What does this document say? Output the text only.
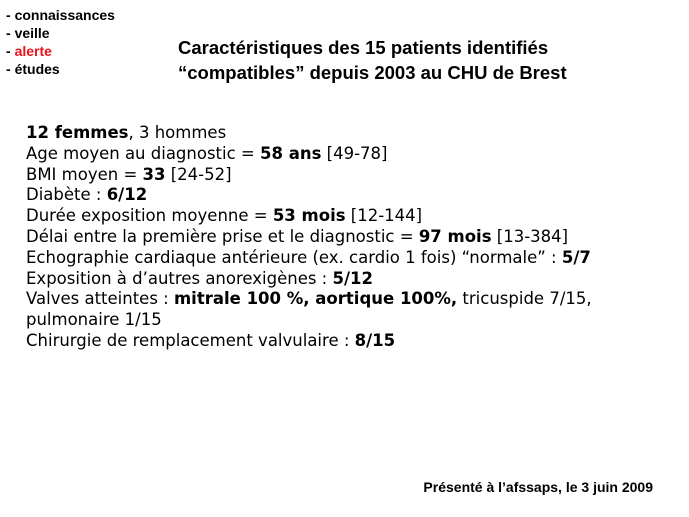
- connaissances
- veille
- alerte
- études
Caractéristiques des 15 patients identifiés
“compatibles” depuis 2003 au CHU de Brest
12 femmes, 3 hommes
Age moyen au diagnostic = 58 ans [49-78]
BMI moyen = 33 [24-52]
Diabète : 6/12
Durée exposition moyenne = 53 mois [12-144]
Délai entre la première prise et le diagnostic = 97 mois [13-384]
Echographie cardiaque antérieure (ex. cardio 1 fois) “normale” : 5/7
Exposition à d’autres anorexigènes : 5/12
Valves atteintes : mitrale 100 %, aortique 100%, tricuspide 7/15, pulmonaire 1/15
Chirurgie de remplacement valvulaire : 8/15

Présenté à l’afssaps, le 3 juin 2009
